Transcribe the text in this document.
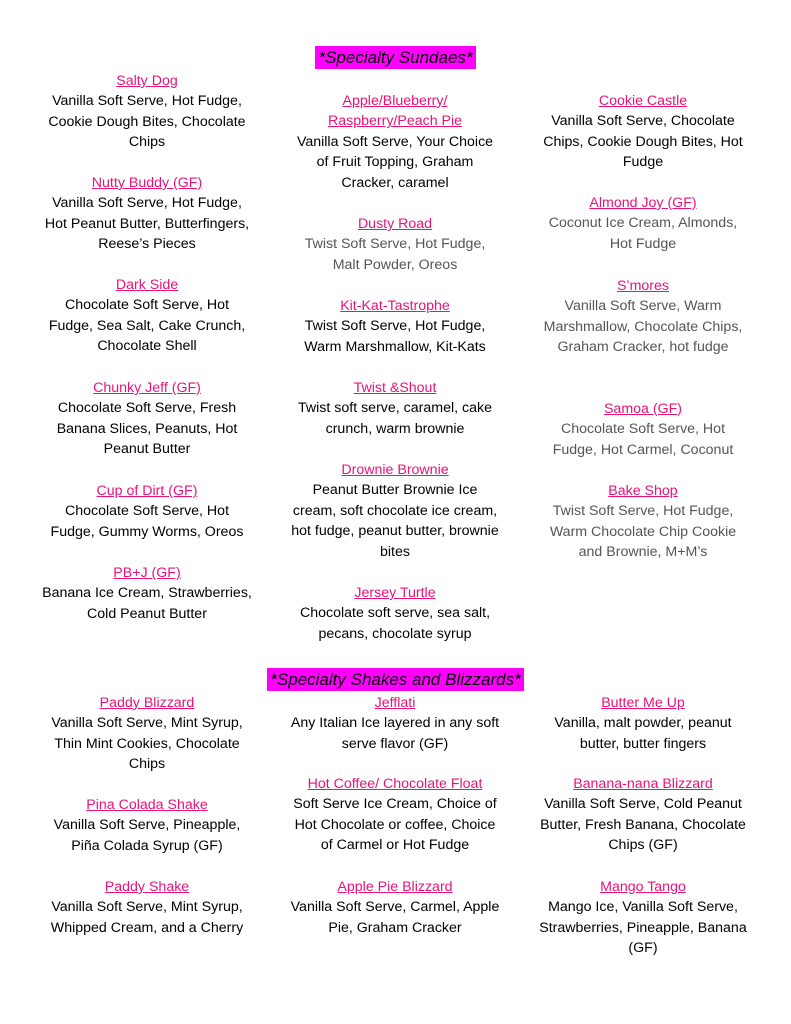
*Specialty Sundaes*
Salty Dog
Vanilla Soft Serve, Hot Fudge, Cookie Dough Bites, Chocolate Chips
Nutty Buddy (GF)
Vanilla Soft Serve, Hot Fudge, Hot Peanut Butter, Butterfingers, Reese’s Pieces
Dark Side
Chocolate Soft Serve, Hot Fudge, Sea Salt, Cake Crunch, Chocolate Shell
Chunky Jeff (GF)
Chocolate Soft Serve, Fresh Banana Slices, Peanuts, Hot Peanut Butter
Cup of Dirt (GF)
Chocolate Soft Serve, Hot Fudge, Gummy Worms, Oreos
PB+J (GF)
Banana Ice Cream, Strawberries, Cold Peanut Butter
Apple/Blueberry/ Raspberry/Peach Pie
Vanilla Soft Serve, Your Choice of Fruit Topping, Graham Cracker, caramel
Dusty Road
Twist Soft Serve, Hot Fudge, Malt Powder, Oreos
Kit-Kat-Tastrophe
Twist Soft Serve, Hot Fudge, Warm Marshmallow, Kit-Kats
Twist &Shout
Twist soft serve, caramel, cake crunch, warm brownie
Drownie Brownie
Peanut Butter Brownie Ice cream, soft chocolate ice cream, hot fudge, peanut butter, brownie bites
Jersey Turtle
Chocolate soft serve, sea salt, pecans, chocolate syrup
Cookie Castle
Vanilla Soft Serve, Chocolate Chips, Cookie Dough Bites, Hot Fudge
Almond Joy (GF)
Coconut Ice Cream, Almonds, Hot Fudge
S’mores
Vanilla Soft Serve, Warm Marshmallow, Chocolate Chips, Graham Cracker, hot fudge
Samoa (GF)
Chocolate Soft Serve, Hot Fudge, Hot Carmel, Coconut
Bake Shop
Twist Soft Serve, Hot Fudge, Warm Chocolate Chip Cookie and Brownie, M+M’s
*Specialty Shakes and Blizzards*
Paddy Blizzard
Vanilla Soft Serve, Mint Syrup, Thin Mint Cookies, Chocolate Chips
Pina Colada Shake
Vanilla Soft Serve, Pineapple, Piña Colada Syrup (GF)
Paddy Shake
Vanilla Soft Serve, Mint Syrup, Whipped Cream, and a Cherry
Jefflati
Any Italian Ice layered in any soft serve flavor (GF)
Hot Coffee/ Chocolate Float
Soft Serve Ice Cream, Choice of Hot Chocolate or coffee, Choice of Carmel or Hot Fudge
Apple Pie Blizzard
Vanilla Soft Serve, Carmel, Apple Pie, Graham Cracker
Butter Me Up
Vanilla, malt powder, peanut butter, butter fingers
Banana-nana Blizzard
Vanilla Soft Serve, Cold Peanut Butter, Fresh Banana, Chocolate Chips (GF)
Mango Tango
Mango Ice, Vanilla Soft Serve, Strawberries, Pineapple, Banana (GF)
